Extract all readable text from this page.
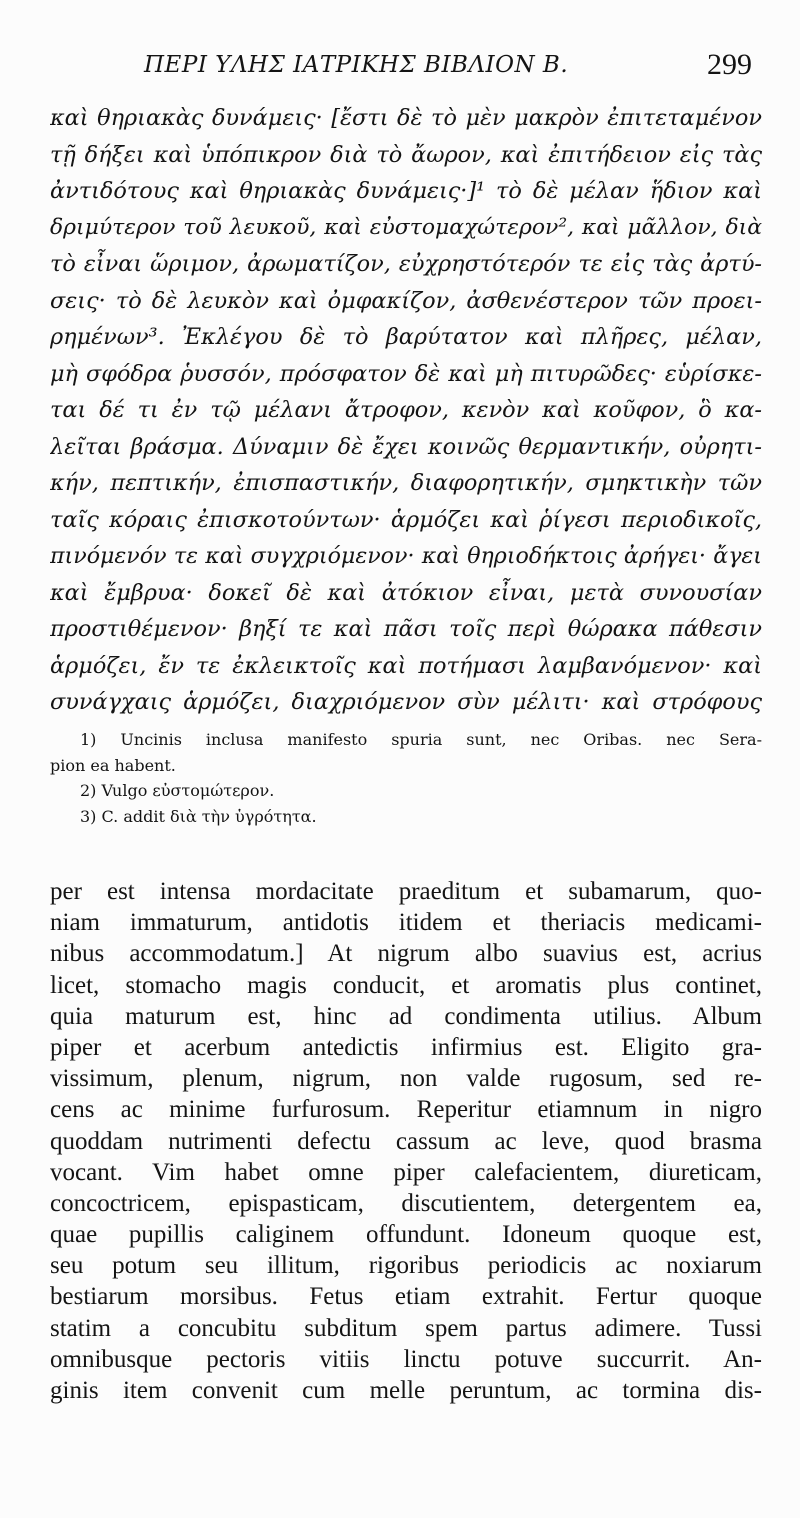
ΠΕΡΙ ΥΛΗΣ ΙΑΤΡΙΚΗΣ ΒΙΒΛΙΟΝ Β.	299
καὶ θηριακὰς δυνάμεις· [ἔστι δὲ τὸ μὲν μακρὸν ἐπιτεταμένον
τῇ δήξει καὶ ὑπόπικρον διὰ τὸ ἄωρον, καὶ ἐπιτήδειον εἰς τὰς
ἀντιδότους καὶ θηριακὰς δυνάμεις·]¹ τὸ δὲ μέλαν ἥδιον καὶ
δριμύτερον τοῦ λευκοῦ, καὶ εὐστομαχώτερον², καὶ μᾶλλον, διὰ
τὸ εἶναι ὥριμον, ἀρωματίζον, εὐχρηστότερόν τε εἰς τὰς ἀρτύ-
σεις· τὸ δὲ λευκὸν καὶ ὀμφακίζον, ἀσθενέστερον τῶν προει-
ρημένων³. Ἐκλέγου δὲ τὸ βαρύτατον καὶ πλῆρες, μέλαν,
μὴ σφόδρα ῥυσσόν, πρόσφατον δὲ καὶ μὴ πιτυρῶδες· εὑρίσκε-
ται δέ τι ἐν τῷ μέλανι ἄτροφον, κενὸν καὶ κοῦφον, ὃ κα-
λεῖται βράσμα. Δύναμιν δὲ ἔχει κοινῶς θερμαντικήν, οὐρητι-
κήν, πεπτικήν, ἐπισπαστικήν, διαφορητικήν, σμηκτικὴν τῶν
ταῖς κόραις ἐπισκοτούντων· ἁρμόζει καὶ ῥίγεσι περιοδικοῖς,
πινόμενόν τε καὶ συγχριόμενον· καὶ θηριοδήκτοις ἀρήγει· ἄγει
καὶ ἔμβρυα· δοκεῖ δὲ καὶ ἀτόκιον εἶναι, μετὰ συνουσίαν
προστιθέμενον· βηξί τε καὶ πᾶσι τοῖς περὶ θώρακα πάθεσιν
ἁρμόζει, ἔν τε ἐκλεικτοῖς καὶ ποτήμασι λαμβανόμενον· καὶ
συνάγχαις ἁρμόζει, διαχριόμενον σὺν μέλιτι· καὶ στρόφους
1) Uncinis inclusa manifesto spuria sunt, nec Oribas. nec Sera-
pion ea habent.
2) Vulgo εὐστομώτερον.
3) C. addit διὰ τὴν ὑγρότητα.
per est intensa mordacitate praeditum et subamarum, quo-
niam immaturum, antidotis itidem et theriacis medicami-
nibus accommodatum.] At nigrum albo suavius est, acrius
licet, stomacho magis conducit, et aromatis plus continet,
quia maturum est, hinc ad condimenta utilius. Album
piper et acerbum antedictis infirmius est. Eligito gra-
vissimum, plenum, nigrum, non valde rugosum, sed re-
cens ac minime furfurosum. Reperitur etiamnum in nigro
quoddam nutrimenti defectu cassum ac leve, quod brasma
vocant. Vim habet omne piper calefacientem, diureticam,
concoctricem, epispasticam, discutientem, detergentem ea,
quae pupillis caliginem offundunt. Idoneum quoque est,
seu potum seu illitum, rigoribus periodicis ac noxiarum
bestiarum morsibus. Fetus etiam extrahit. Fertur quoque
statim a concubitu subditum spem partus adimere. Tussi
omnibusque pectoris vitiis linctu potuve succurrit. An-
ginis item convenit cum melle peruntum, ac tormina dis-
